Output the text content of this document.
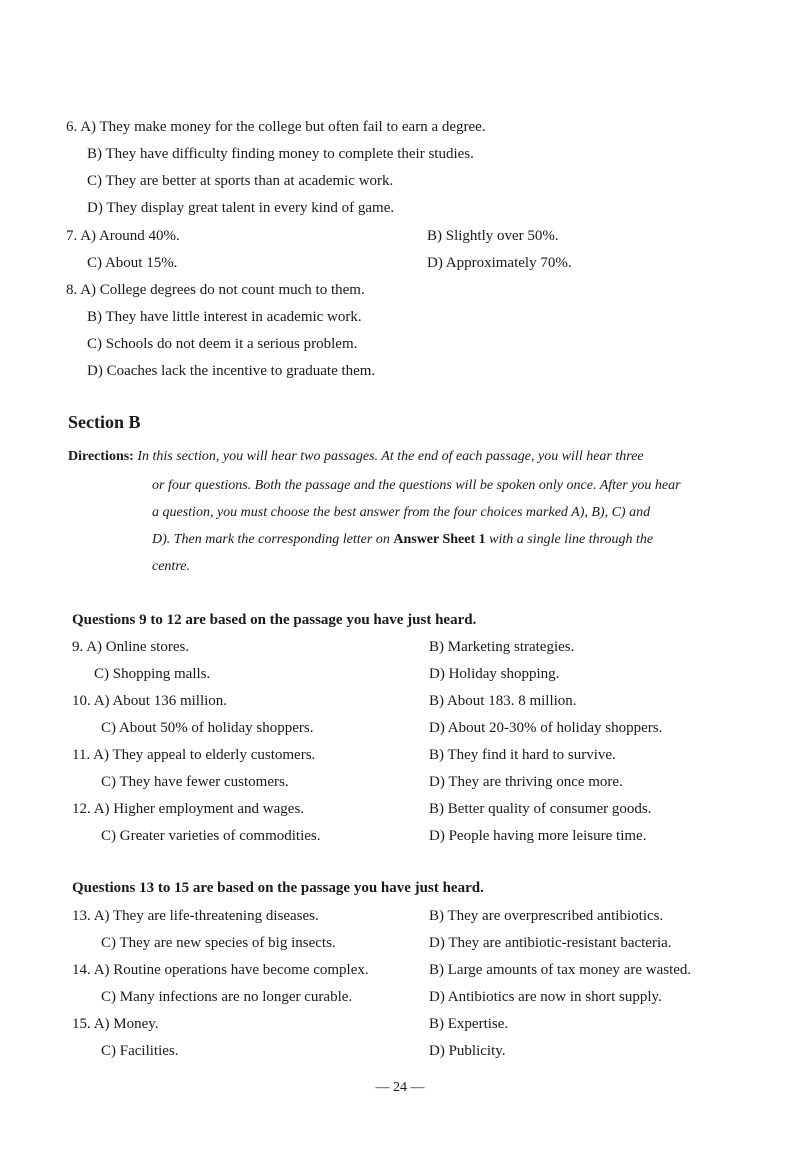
6. A) They make money for the college but often fail to earn a degree.
B) They have difficulty finding money to complete their studies.
C) They are better at sports than at academic work.
D) They display great talent in every kind of game.
7. A) Around 40%.	B) Slightly over 50%.
C) About 15%.	D) Approximately 70%.
8. A) College degrees do not count much to them.
B) They have little interest in academic work.
C) Schools do not deem it a serious problem.
D) Coaches lack the incentive to graduate them.
Section B
Directions: In this section, you will hear two passages. At the end of each passage, you will hear three
or four questions. Both the passage and the questions will be spoken only once. After you hear
a question, you must choose the best answer from the four choices marked A), B), C) and
D). Then mark the corresponding letter on Answer Sheet 1 with a single line through the
centre.
Questions 9 to 12 are based on the passage you have just heard.
9. A) Online stores.	B) Marketing strategies.
C) Shopping malls.	D) Holiday shopping.
10. A) About 136 million.	B) About 183. 8 million.
C) About 50% of holiday shoppers.	D) About 20-30% of holiday shoppers.
11. A) They appeal to elderly customers.	B) They find it hard to survive.
C) They have fewer customers.	D) They are thriving once more.
12. A) Higher employment and wages.	B) Better quality of consumer goods.
C) Greater varieties of commodities.	D) People having more leisure time.
Questions 13 to 15 are based on the passage you have just heard.
13. A) They are life-threatening diseases.	B) They are overprescribed antibiotics.
C) They are new species of big insects.	D) They are antibiotic-resistant bacteria.
14. A) Routine operations have become complex.	B) Large amounts of tax money are wasted.
C) Many infections are no longer curable.	D) Antibiotics are now in short supply.
15. A) Money.	B) Expertise.
C) Facilities.	D) Publicity.
— 24 —
